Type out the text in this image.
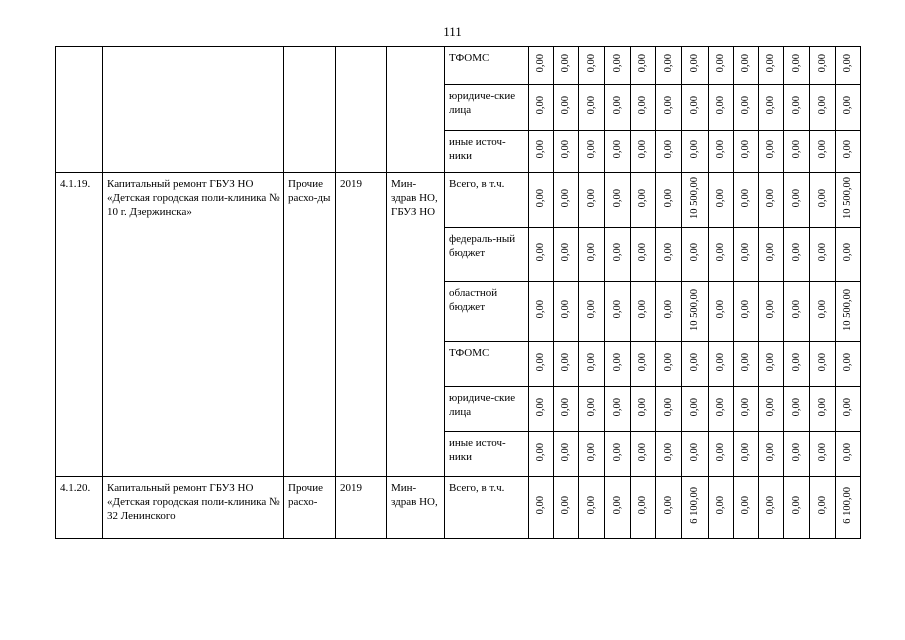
111
					ТФОМС	0,00	0,00	0,00	0,00	0,00	0,00	0,00	0,00	0,00	0,00	0,00	0,00	0,00
					юридиче-ские лица	0,00	0,00	0,00	0,00	0,00	0,00	0,00	0,00	0,00	0,00	0,00	0,00	0,00
					иные источ-ники	0,00	0,00	0,00	0,00	0,00	0,00	0,00	0,00	0,00	0,00	0,00	0,00	0,00
4.1.19.	Капитальный ремонт ГБУЗ НО «Детская городская поли-клиника № 10 г. Дзержинска»	Прочие расхо-ды	2019	Мин-здрав НО, ГБУЗ НО	Всего, в т.ч.	0,00	0,00	0,00	0,00	0,00	0,00	10 500,00	0,00	0,00	0,00	0,00	0,00	10 500,00
					федераль-ный бюджет	0,00	0,00	0,00	0,00	0,00	0,00	0,00	0,00	0,00	0,00	0,00	0,00	0,00
					областной бюджет	0,00	0,00	0,00	0,00	0,00	0,00	10 500,00	0,00	0,00	0,00	0,00	0,00	10 500,00
					ТФОМС	0,00	0,00	0,00	0,00	0,00	0,00	0,00	0,00	0,00	0,00	0,00	0,00	0,00
					юридиче-ские лица	0,00	0,00	0,00	0,00	0,00	0,00	0,00	0,00	0,00	0,00	0,00	0,00	0,00
					иные источ-ники	0,00	0,00	0,00	0,00	0,00	0,00	0,00	0,00	0,00	0,00	0,00	0,00	0,00
4.1.20.	Капитальный ремонт ГБУЗ НО «Детская городская поли-клиника № 32 Ленинского	Прочие расхо-	2019	Мин-здрав НО,	Всего, в т.ч.	0,00	0,00	0,00	0,00	0,00	0,00	6 100,00	0,00	0,00	0,00	0,00	0,00	6 100,00
